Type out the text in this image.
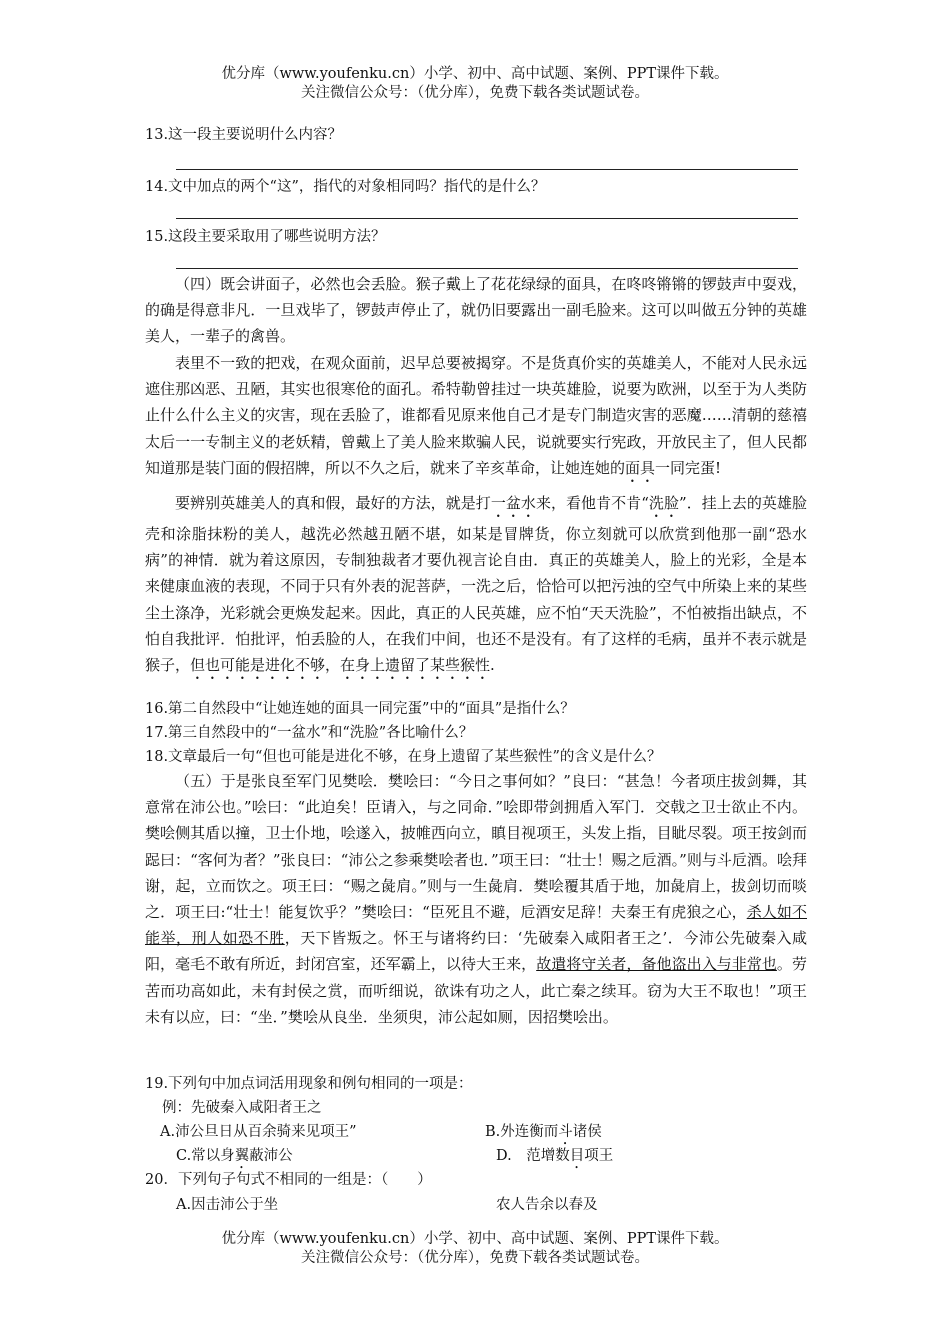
优分库（www.youfenku.cn）小学、初中、高中试题、案例、PPT课件下载。
关注微信公众号：（优分库），免费下载各类试题试卷。
13.这一段主要说明什么内容？
14.文中加点的两个“这”，指代的对象相同吗？指代的是什么？
15.这段主要采取用了哪些说明方法？
（四）既会讲面子，必然也会丢脸。猴子戴上了花花绿绿的面具，在咚咚锵锵的锣鼓声中耍戏，的确是得意非凡．一旦戏毕了，锣鼓声停止了，就仍旧要露出一副毛脸来。这可以叫做五分钟的英雄美人，一辈子的禽兽。
表里不一致的把戏，在观众面前，迟早总要被揭穿。不是货真价实的英雄美人，不能对人民永远遮住那凶恶、丑陋，其实也很寒伧的面孔。希特勒曾挂过一块英雄脸，说要为欧洲，以至于为人类防止什么什么主义的灾害，现在丢脸了，谁都看见原来他自己才是专门制造灾害的恶魔……清朝的慈禧太后一一专制主义的老妖精，曾戴上了美人脸来欺骗人民，说就要实行宪政，开放民主了，但人民都知道那是装门面的假招牌，所以不久之后，就来了辛亥革命，让她连她的面具一同完蛋!
要辨别英雄美人的真和假，最好的方法，就是打一盆水来，看他肯不肯“洗脸”．挂上去的英雄脸壳和涂脂抹粉的美人，越洗必然越丑陋不堪，如某是冒牌货，你立刻就可以欣赏到他那一副“恐水病”的神情．就为着这原因，专制独裁者才要仇视言论自由．真正的英雄美人，脸上的光彩，全是本来健康血液的表现，不同于只有外表的泥菩萨，一洗之后，恰恰可以把污浊的空气中所染上来的某些尘土涤净，光彩就会更焕发起来。因此，真正的人民英雄，应不怕“天天洗脸”，不怕被指出缺点，不怕自我批评．怕批评，怕丢脸的人，在我们中间，也还不是没有。有了这样的毛病，虽并不表示就是猴子，但也可能是进化不够，在身上遗留了某些猴性.
16.第二自然段中“让她连她的面具一同完蛋”中的“面具”是指什么？
17.第三自然段中的“一盆水”和“洗脸”各比喻什么？
18.文章最后一句“但也可能是进化不够，在身上遗留了某些猴性”的含义是什么？
（五）于是张良至军门见樊哙．樊哙曰：“今日之事何如？”良曰：“甚急！今者项庄拔剑舞，其意常在沛公也。”哙曰：“此迫矣！臣请入，与之同命．”哙即带剑拥盾入军门．交戟之卫士欲止不内。樊哙侧其盾以撞，卫士仆地，哙遂入，披帷西向立，瞋目视项王，头发上指，目眦尽裂。项王按剑而跽曰：“客何为者？”张良曰：“沛公之参乘樊哙者也．”项王曰：“壮士！赐之卮酒。”则与斗卮酒。哙拜谢，起，立而饮之。项王曰：“赐之彘肩。”则与一生彘肩．樊哙覆其盾于地，加彘肩上，拔剑切而啖之．项王曰:“壮士！能复饮乎？”樊哙曰：“臣死且不避，卮酒安足辞！夫秦王有虎狼之心，杀人如不能举，刑人如恐不胜，天下皆叛之。怀王与诸将约曰：‘先破秦入咸阳者王之’．今沛公先破秦入咸阳，毫毛不敢有所近，封闭宫室，还军霸上，以待大王来，故遣将守关者，备他盗出入与非常也。劳苦而功高如此，未有封侯之赏，而听细说，欲诛有功之人，此亡秦之续耳。窃为大王不取也！”项王未有以应，曰：“坐．”樊哙从良坐．坐须臾，沛公起如厕，因招樊哙出。
19.下列句中加点词活用现象和例句相同的一项是：
例：先破秦入咸阳者王之
A.沛公旦日从百余骑来见项王”	B.外连衡而斗诸侯
C.常以身翼蔽沛公	D.　范增数目项王
20．下列句子句式不相同的一组是：（　　）
A.因击沛公于坐	农人告余以春及
优分库（www.youfenku.cn）小学、初中、高中试题、案例、PPT课件下载。
关注微信公众号：（优分库），免费下载各类试题试卷。
